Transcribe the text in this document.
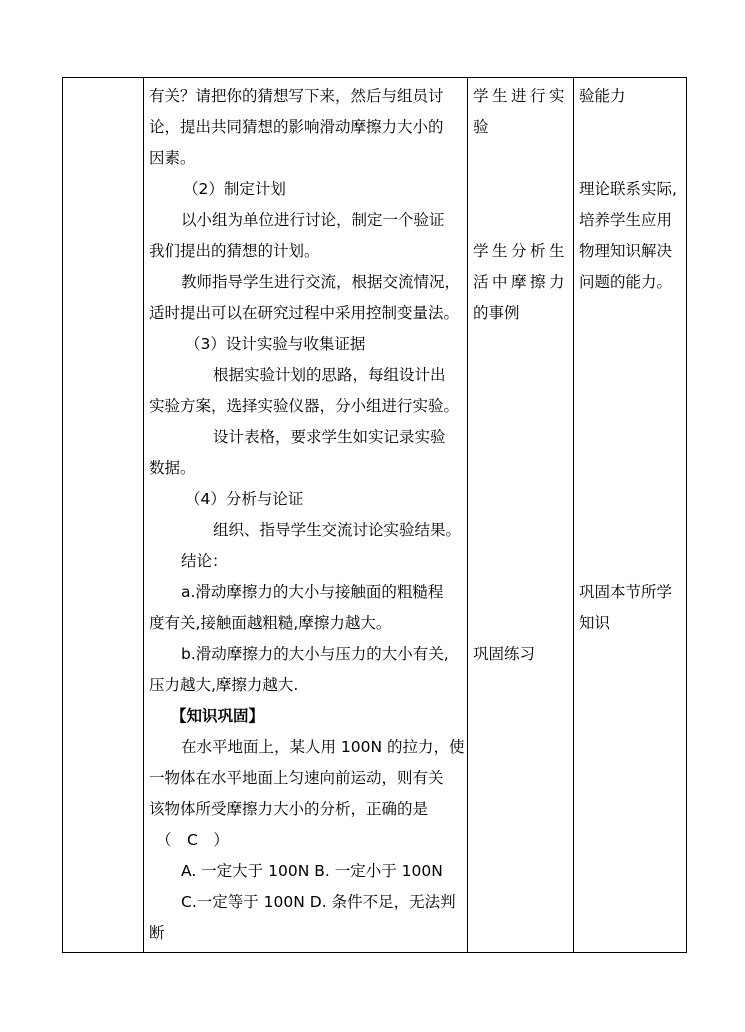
有关？请把你的猜想写下来，然后与组员讨
论，提出共同猜想的影响滑动摩擦力大小的
因素。
（2）制定计划
以小组为单位进行讨论，制定一个验证
我们提出的猜想的计划。
教师指导学生进行交流，根据交流情况，
适时提出可以在研究过程中采用控制变量法。
（3）设计实验与收集证据
根据实验计划的思路，每组设计出
实验方案，选择实验仪器，分小组进行实验。
设计表格，要求学生如实记录实验
数据。
（4）分析与论证
组织、指导学生交流讨论实验结果。
结论：
a.滑动摩擦力的大小与接触面的粗糙程
度有关,接触面越粗糙,摩擦力越大。
b.滑动摩擦力的大小与压力的大小有关,
压力越大,摩擦力越大.
【知识巩固】
在水平地面上，某人用 100N 的拉力，使
一物体在水平地面上匀速向前运动，则有关
该物体所受摩擦力大小的分析，正确的是
（　C　）
A. 一定大于 100N B. 一定小于 100N
C.一定等于 100N D. 条件不足，无法判
断

学生进行实
验
学生分析生
活中摩擦力
的事例
巩固练习

验能力
理论联系实际,
培养学生应用
物理知识解决
问题的能力。
巩固本节所学
知识
